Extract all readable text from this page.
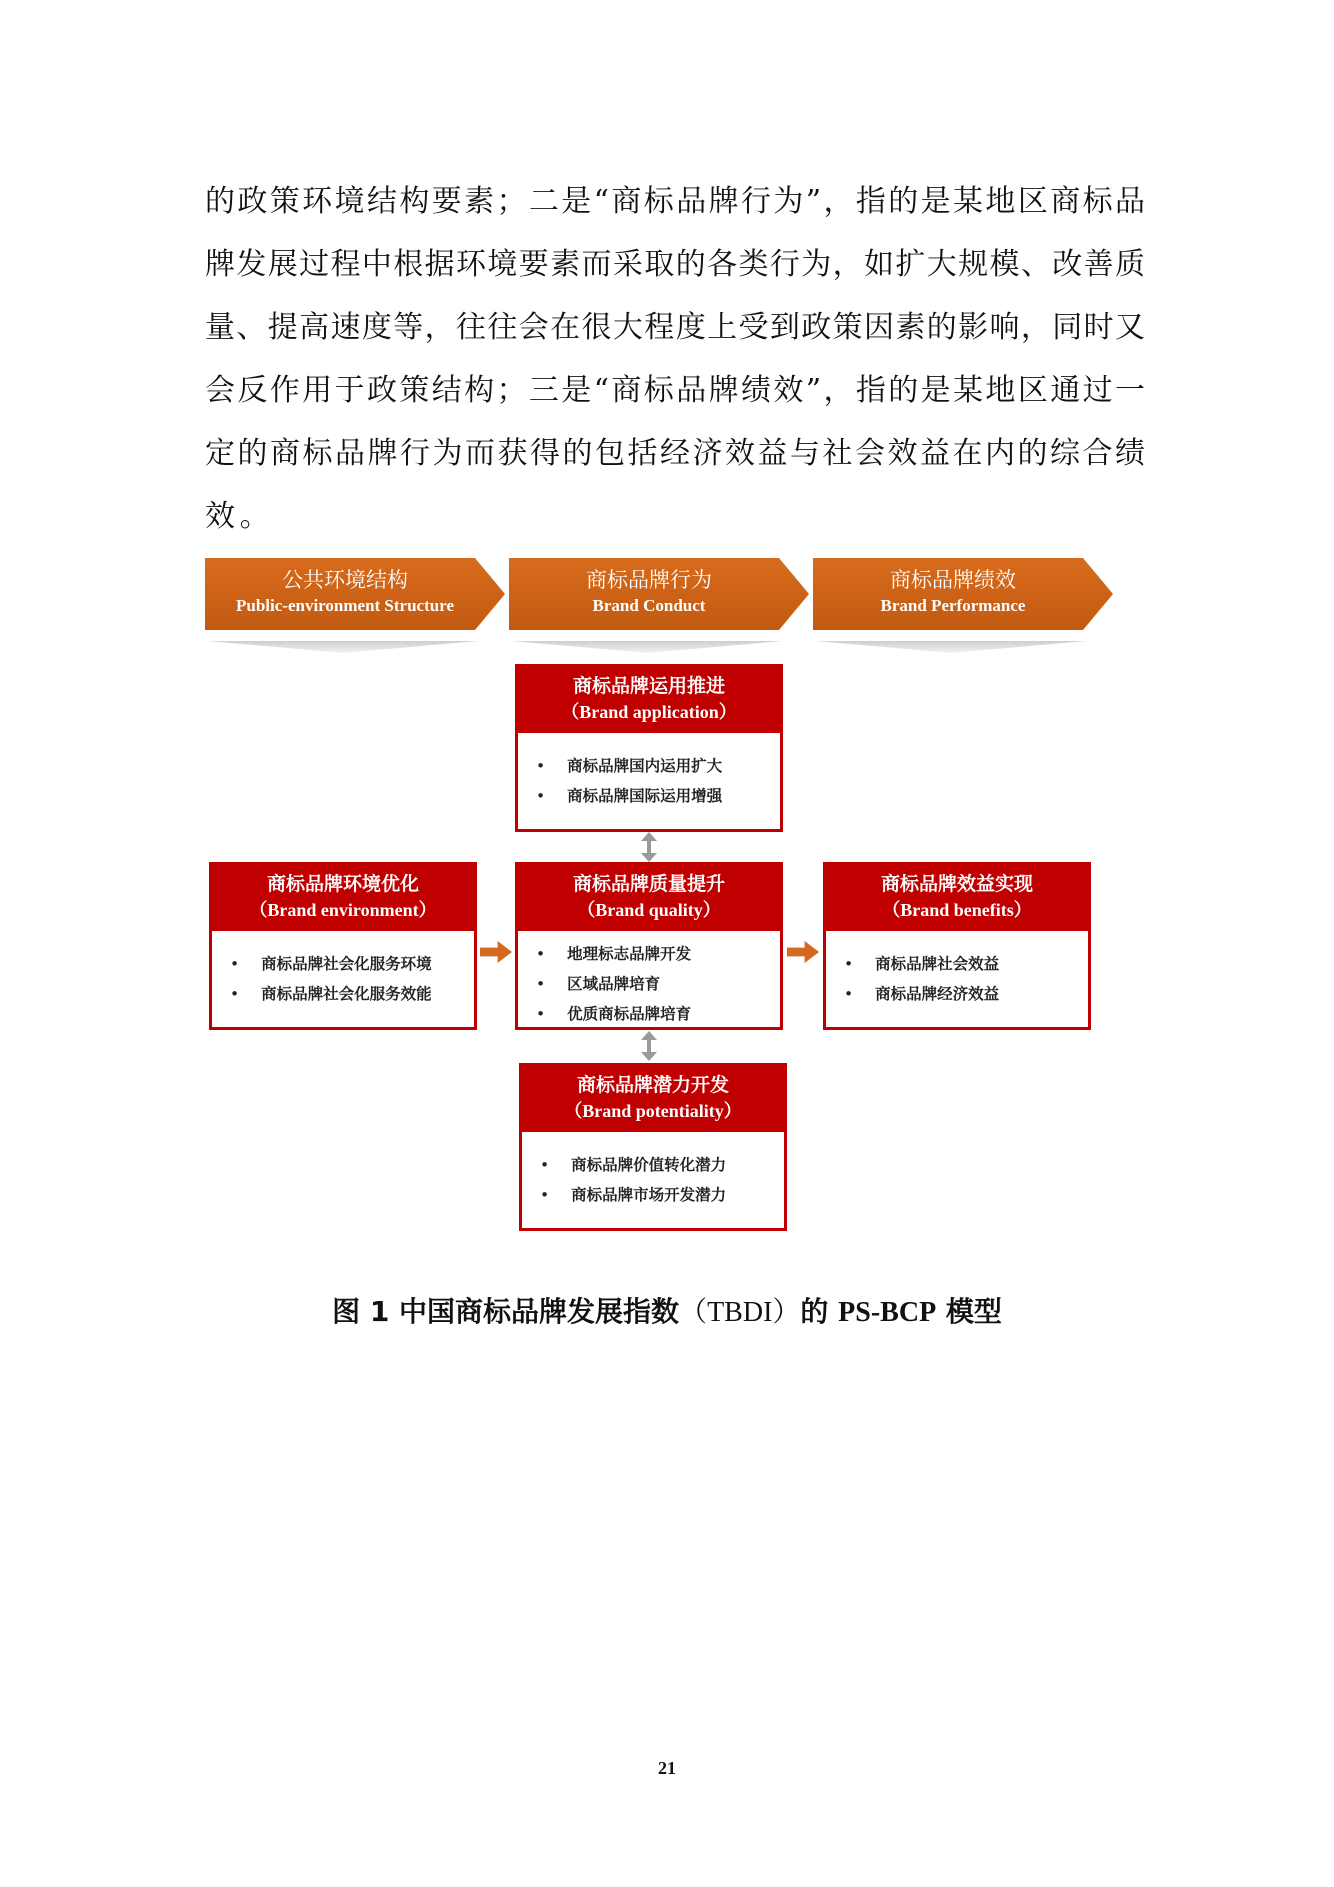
的政策环境结构要素；二是“商标品牌行为”，指的是某地区商标品
牌发展过程中根据环境要素而采取的各类行为，如扩大规模、改善质
量、提高速度等，往往会在很大程度上受到政策因素的影响，同时又
会反作用于政策结构；三是“商标品牌绩效”，指的是某地区通过一
定的商标品牌行为而获得的包括经济效益与社会效益在内的综合绩
效。
公共环境结构
Public-environment Structure
商标品牌行为
Brand Conduct
商标品牌绩效
Brand Performance
商标品牌运用推进
（Brand application）
• 商标品牌国内运用扩大
• 商标品牌国际运用增强
商标品牌环境优化
（Brand environment）
• 商标品牌社会化服务环境
• 商标品牌社会化服务效能
商标品牌质量提升
（Brand quality）
• 地理标志品牌开发
• 区域品牌培育
• 优质商标品牌培育
商标品牌效益实现
（Brand benefits）
• 商标品牌社会效益
• 商标品牌经济效益
商标品牌潜力开发
（Brand potentiality）
• 商标品牌价值转化潜力
• 商标品牌市场开发潜力
图 1 中国商标品牌发展指数（TBDI）的 PS-BCP 模型
21
